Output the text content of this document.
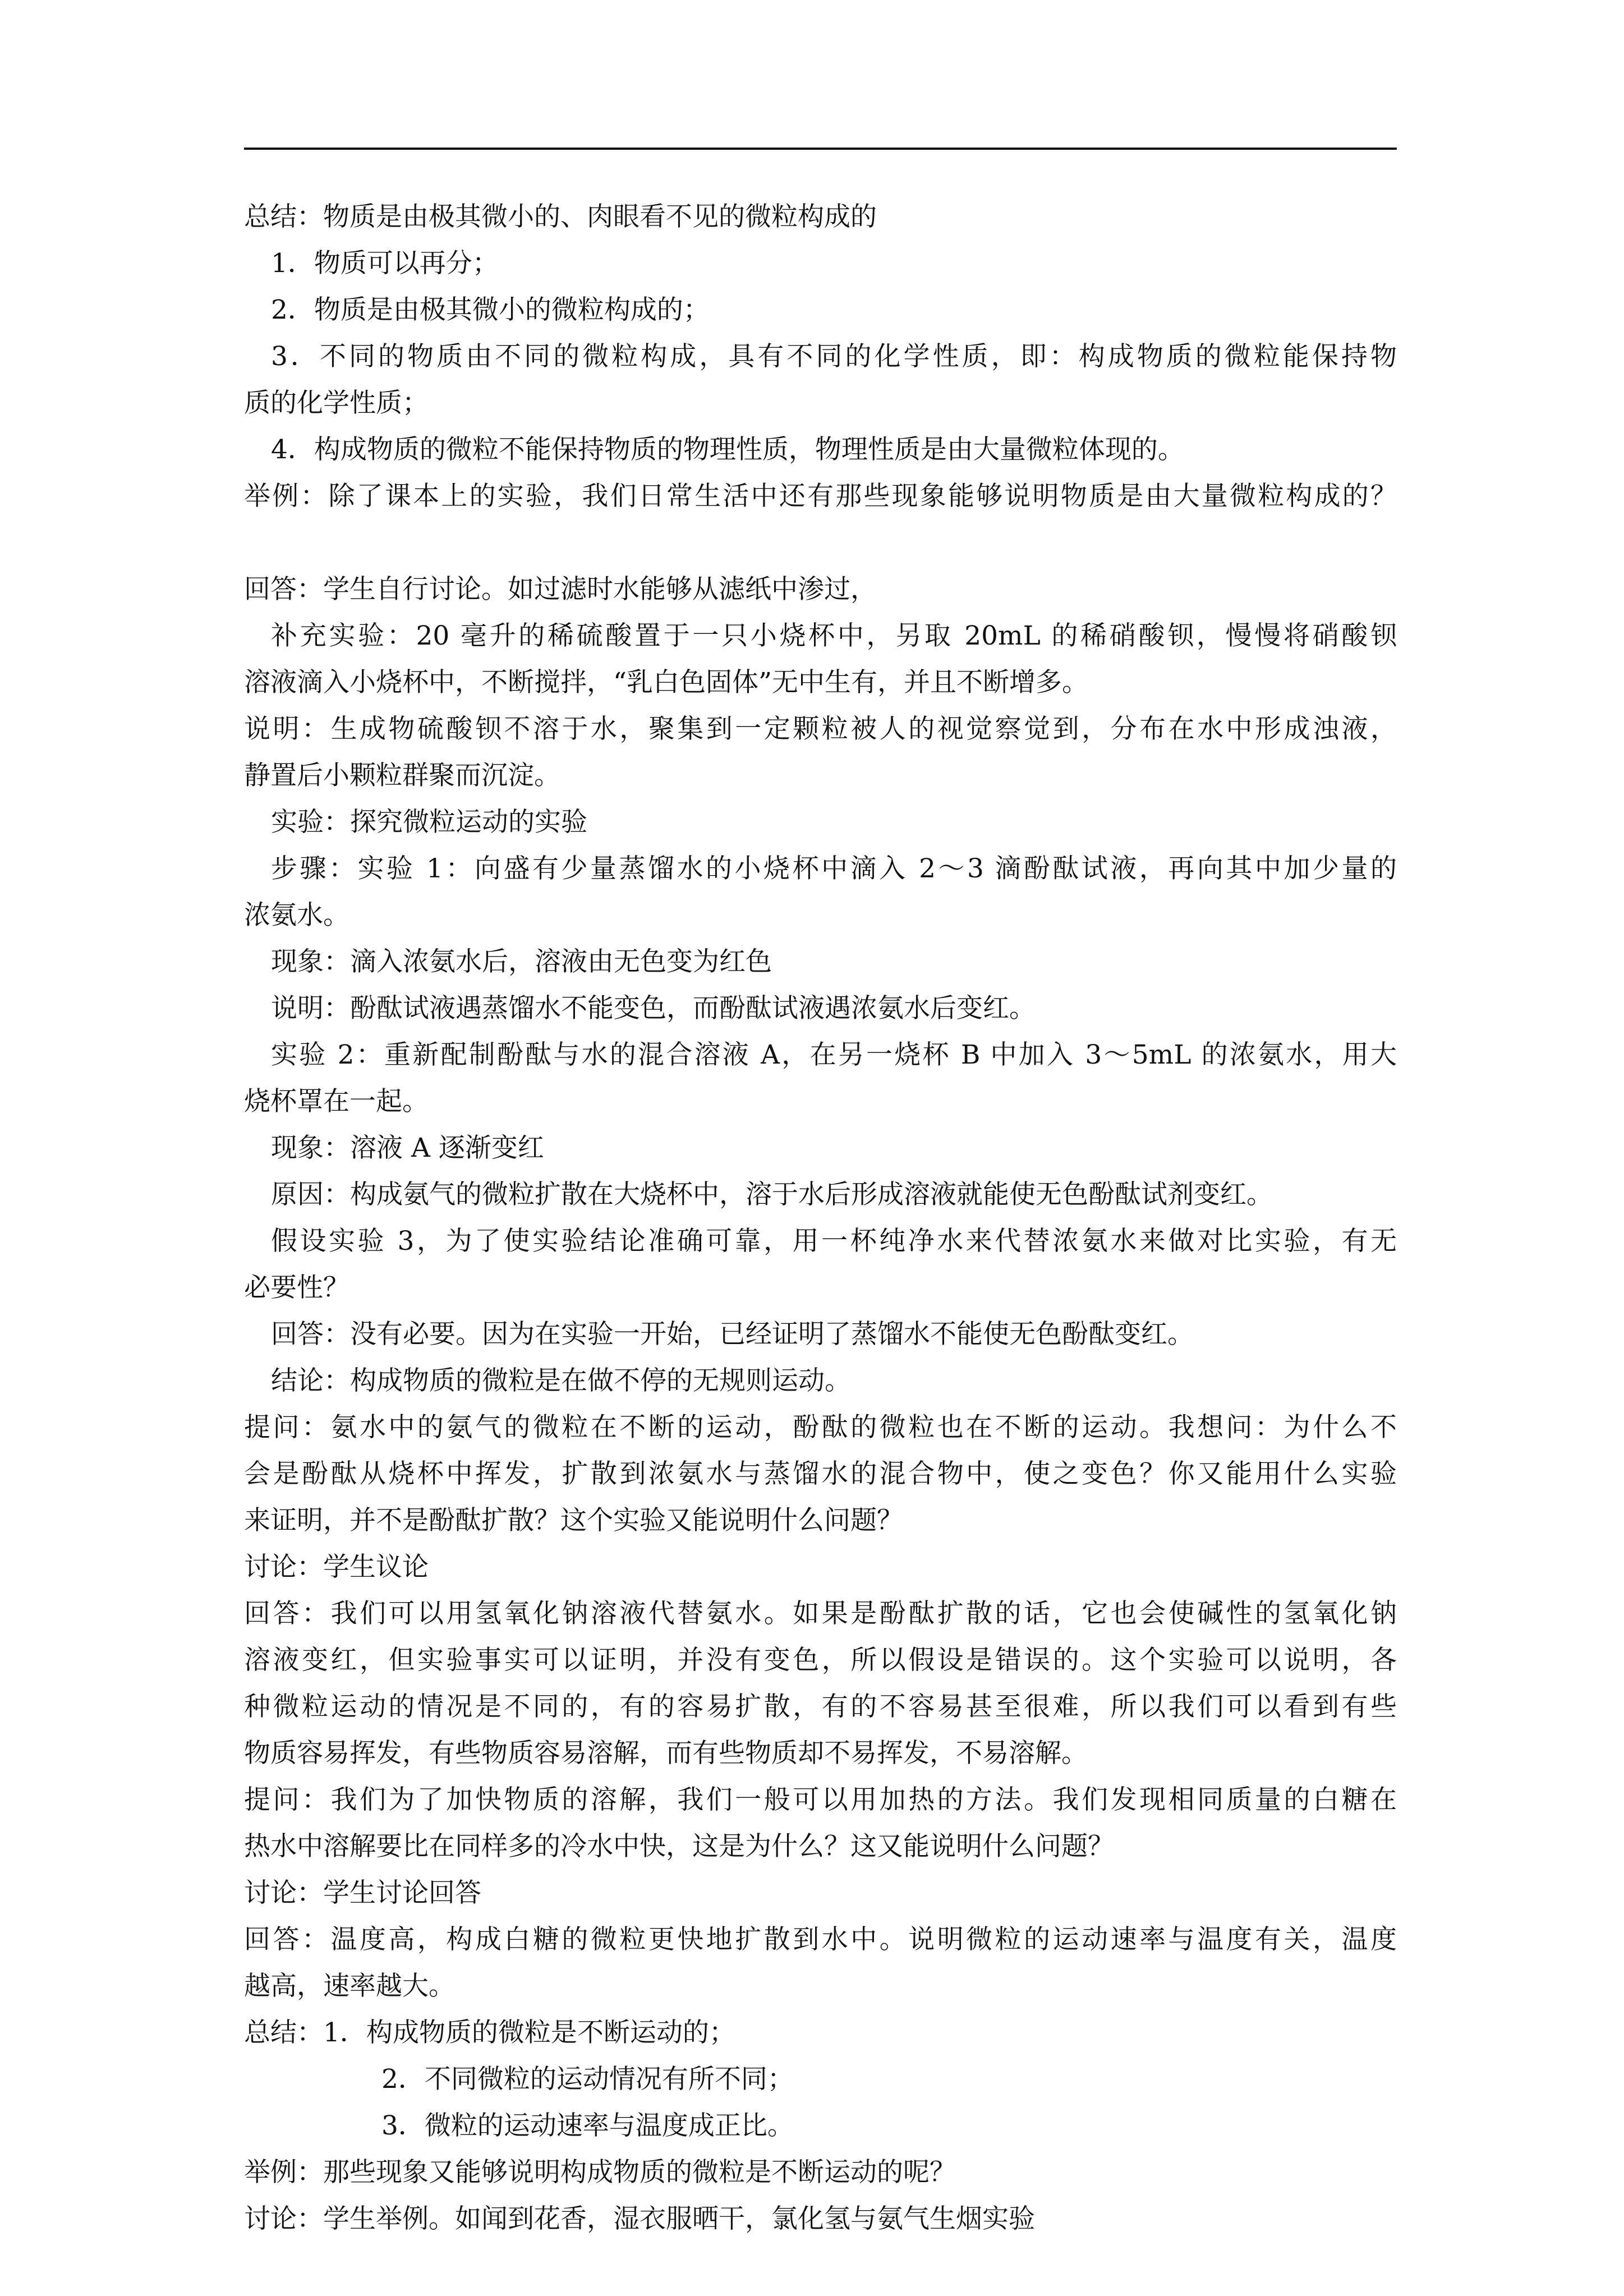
总结：物质是由极其微小的、肉眼看不见的微粒构成的
1．物质可以再分；
2．物质是由极其微小的微粒构成的；
3．不同的物质由不同的微粒构成，具有不同的化学性质，即：构成物质的微粒能保持物
质的化学性质；
4．构成物质的微粒不能保持物质的物理性质，物理性质是由大量微粒体现的。
举例：除了课本上的实验，我们日常生活中还有那些现象能够说明物质是由大量微粒构成的？
回答：学生自行讨论。如过滤时水能够从滤纸中渗过，
补充实验：20 毫升的稀硫酸置于一只小烧杯中，另取 20mL 的稀硝酸钡，慢慢将硝酸钡
溶液滴入小烧杯中，不断搅拌，“乳白色固体”无中生有，并且不断增多。
说明：生成物硫酸钡不溶于水，聚集到一定颗粒被人的视觉察觉到，分布在水中形成浊液，
静置后小颗粒群聚而沉淀。
实验：探究微粒运动的实验
步骤：实验 1：向盛有少量蒸馏水的小烧杯中滴入 2～3 滴酚酞试液，再向其中加少量的
浓氨水。
现象：滴入浓氨水后，溶液由无色变为红色
说明：酚酞试液遇蒸馏水不能变色，而酚酞试液遇浓氨水后变红。
实验 2：重新配制酚酞与水的混合溶液 A，在另一烧杯 B 中加入 3～5mL 的浓氨水，用大
烧杯罩在一起。
现象：溶液 A 逐渐变红
原因：构成氨气的微粒扩散在大烧杯中，溶于水后形成溶液就能使无色酚酞试剂变红。
假设实验 3，为了使实验结论准确可靠，用一杯纯净水来代替浓氨水来做对比实验，有无
必要性？
回答：没有必要。因为在实验一开始，已经证明了蒸馏水不能使无色酚酞变红。
结论：构成物质的微粒是在做不停的无规则运动。
提问：氨水中的氨气的微粒在不断的运动，酚酞的微粒也在不断的运动。我想问：为什么不
会是酚酞从烧杯中挥发，扩散到浓氨水与蒸馏水的混合物中，使之变色？你又能用什么实验
来证明，并不是酚酞扩散？这个实验又能说明什么问题？
讨论：学生议论
回答：我们可以用氢氧化钠溶液代替氨水。如果是酚酞扩散的话，它也会使碱性的氢氧化钠
溶液变红，但实验事实可以证明，并没有变色，所以假设是错误的。这个实验可以说明，各
种微粒运动的情况是不同的，有的容易扩散，有的不容易甚至很难，所以我们可以看到有些
物质容易挥发，有些物质容易溶解，而有些物质却不易挥发，不易溶解。
提问：我们为了加快物质的溶解，我们一般可以用加热的方法。我们发现相同质量的白糖在
热水中溶解要比在同样多的冷水中快，这是为什么？这又能说明什么问题？
讨论：学生讨论回答
回答：温度高，构成白糖的微粒更快地扩散到水中。说明微粒的运动速率与温度有关，温度
越高，速率越大。
总结：1．构成物质的微粒是不断运动的；
2．不同微粒的运动情况有所不同；
3．微粒的运动速率与温度成正比。
举例：那些现象又能够说明构成物质的微粒是不断运动的呢？
讨论：学生举例。如闻到花香，湿衣服晒干，氯化氢与氨气生烟实验
